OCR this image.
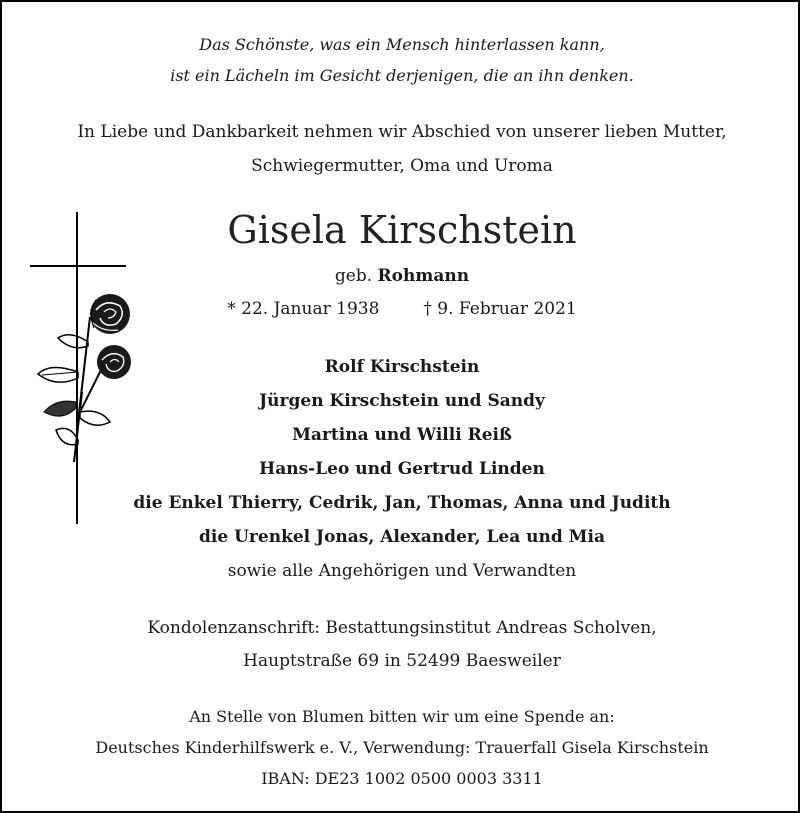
Das Schönste, was ein Mensch hinterlassen kann,
ist ein Lächeln im Gesicht derjenigen, die an ihn denken.
In Liebe und Dankbarkeit nehmen wir Abschied von unserer lieben Mutter,
Schwiegermutter, Oma und Uroma
Gisela Kirschstein
geb. Rohmann
* 22. Januar 1938	† 9. Februar 2021
Rolf Kirschstein
Jürgen Kirschstein und Sandy
Martina und Willi Reiß
Hans-Leo und Gertrud Linden
die Enkel Thierry, Cedrik, Jan, Thomas, Anna und Judith
die Urenkel Jonas, Alexander, Lea und Mia
sowie alle Angehörigen und Verwandten
Kondolenzanschrift: Bestattungsinstitut Andreas Scholven,
Hauptstraße 69 in 52499 Baesweiler
An Stelle von Blumen bitten wir um eine Spende an:
Deutsches Kinderhilfswerk e. V., Verwendung: Trauerfall Gisela Kirschstein
IBAN: DE23 1002 0500 0003 3311
